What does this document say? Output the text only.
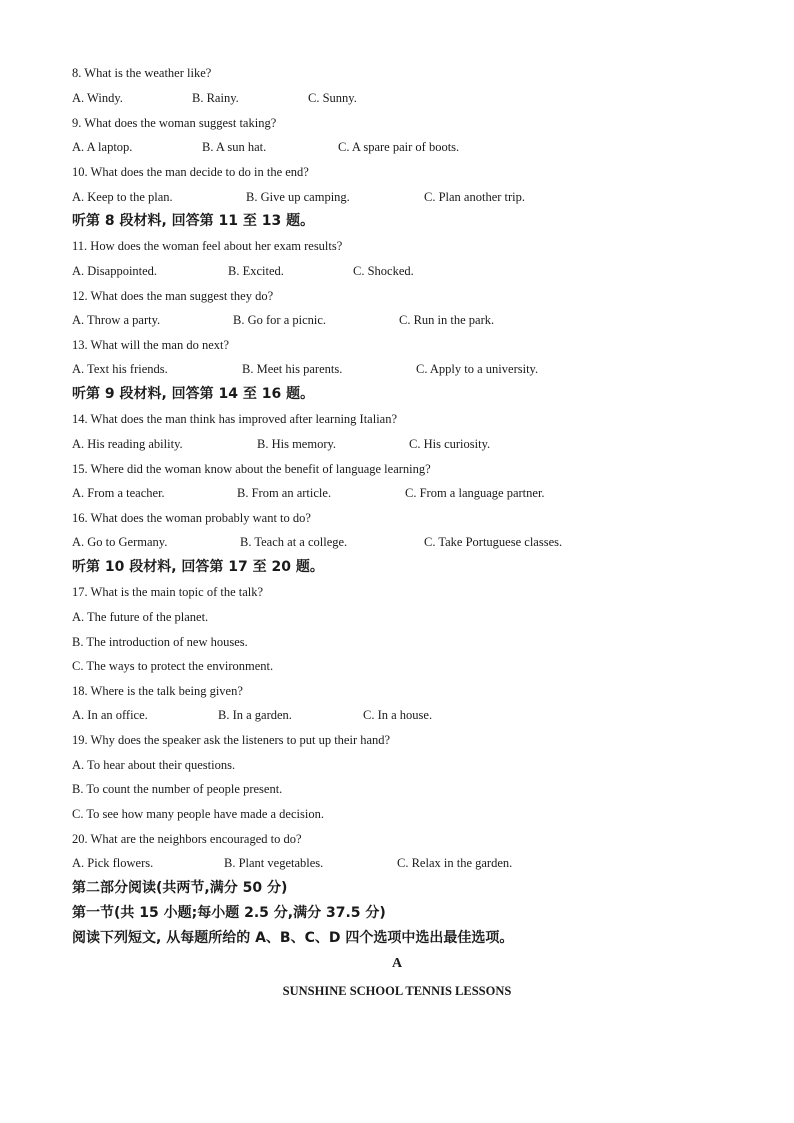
8. What is the weather like?
A. Windy.	B. Rainy.	C. Sunny.
9. What does the woman suggest taking?
A. A laptop.	B. A sun hat.	C. A spare pair of boots.
10. What does the man decide to do in the end?
A. Keep to the plan.	B. Give up camping.	C. Plan another trip.
听第 8 段材料, 回答第 11 至 13 题。
11. How does the woman feel about her exam results?
A. Disappointed.	B. Excited.	C. Shocked.
12. What does the man suggest they do?
A. Throw a party.	B. Go for a picnic.	C. Run in the park.
13. What will the man do next?
A. Text his friends.	B. Meet his parents.	C. Apply to a university.
听第 9 段材料, 回答第 14 至 16 题。
14. What does the man think has improved after learning Italian?
A. His reading ability.	B. His memory.	C. His curiosity.
15. Where did the woman know about the benefit of language learning?
A. From a teacher.	B. From an article.	C. From a language partner.
16. What does the woman probably want to do?
A. Go to Germany.	B. Teach at a college.	C. Take Portuguese classes.
听第 10 段材料, 回答第 17 至 20 题。
17. What is the main topic of the talk?
A. The future of the planet.
B. The introduction of new houses.
C. The ways to protect the environment.
18. Where is the talk being given?
A. In an office.	B. In a garden.	C. In a house.
19. Why does the speaker ask the listeners to put up their hand?
A. To hear about their questions.
B. To count the number of people present.
C. To see how many people have made a decision.
20. What are the neighbors encouraged to do?
A. Pick flowers.	B. Plant vegetables.	C. Relax in the garden.
第二部分阅读(共两节,满分 50 分)
第一节(共 15 小题;每小题 2.5 分,满分 37.5 分)
阅读下列短文, 从每题所给的 A、B、C、D 四个选项中选出最佳选项。
A
SUNSHINE SCHOOL TENNIS LESSONS
